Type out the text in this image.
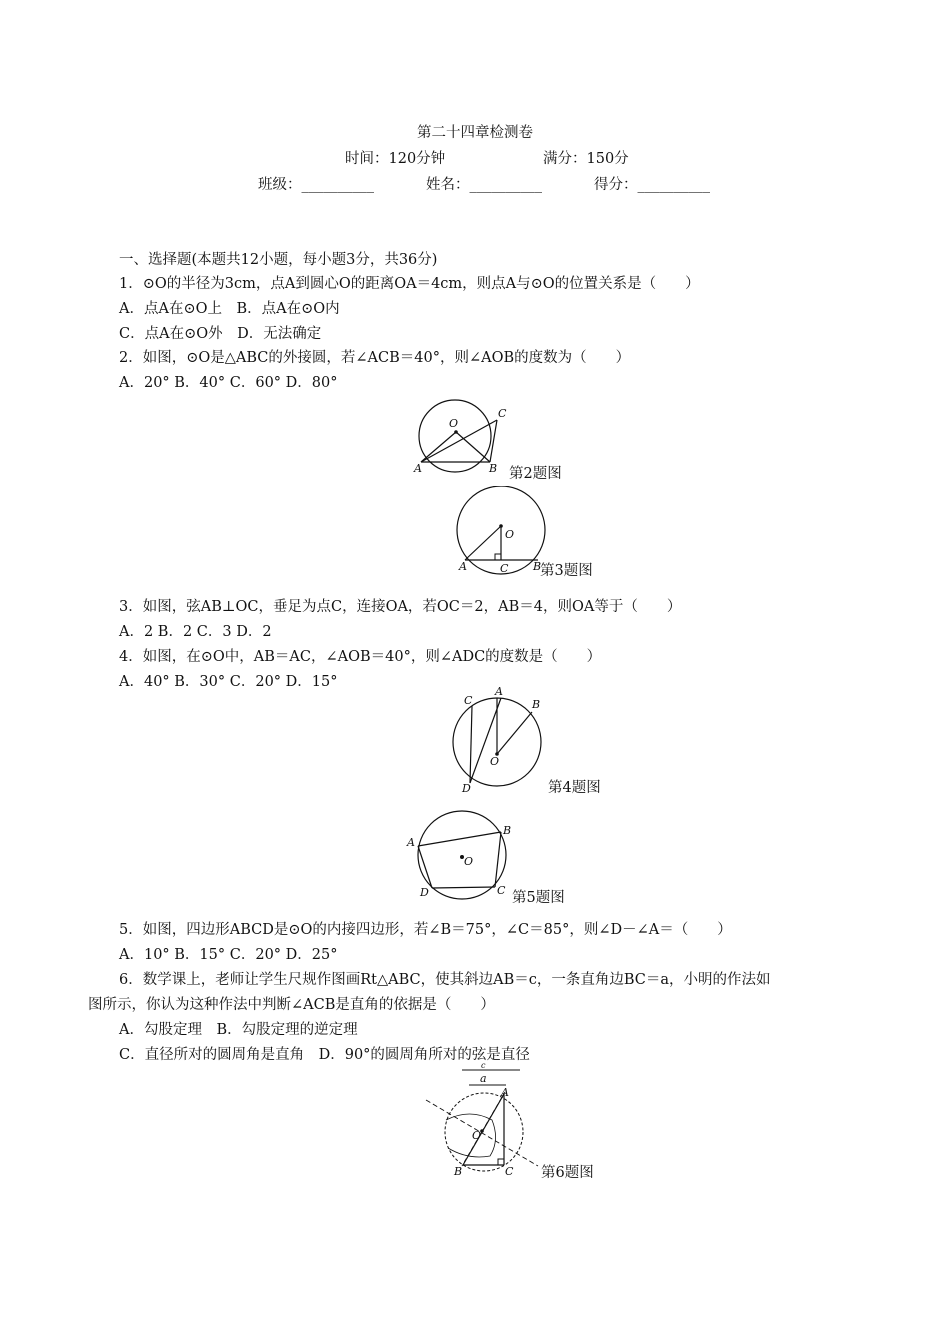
第二十四章检测卷
时间：120分钟	满分：150分
班级：__________	姓名：__________	得分：__________
一、选择题(本题共12小题，每小题3分，共36分)
1．⊙O的半径为3cm，点A到圆心O的距离OA＝4cm，则点A与⊙O的位置关系是（　　）
A．点A在⊙O上　B．点A在⊙O内
C．点A在⊙O外　D．无法确定
2．如图，⊙O是△ABC的外接圆，若∠ACB＝40°，则∠AOB的度数为（　　）
A．20° B．40° C．60° D．80°
O
C
A	B 第2题图
O
A	C B
第3题图
3．如图，弦AB⊥OC，垂足为点C，连接OA，若OC＝2，AB＝4，则OA等于（　　）
A．2 B．2 C．3 D．2
4．如图，在⊙O中，AB＝AC，∠AOB＝40°，则∠ADC的度数是（　　）
A．40° B．30° C．20° D．15°
A
C	B
O
D	第4题图
O
A
B
C
D	第5题图
5．如图，四边形ABCD是⊙O的内接四边形，若∠B＝75°，∠C＝85°，则∠D－∠A＝（　　）
A．10° B．15° C．20° D．25°
6．数学课上，老师让学生尺规作图画Rt△ABC，使其斜边AB＝c，一条直角边BC＝a，小明的作法如
图所示，你认为这种作法中判断∠ACB是直角的依据是（　　）
A．勾股定理　B．勾股定理的逆定理
C．直径所对的圆周角是直角　D．90°的圆周角所对的弦是直径
c
a
A
O
B	C 第6题图
